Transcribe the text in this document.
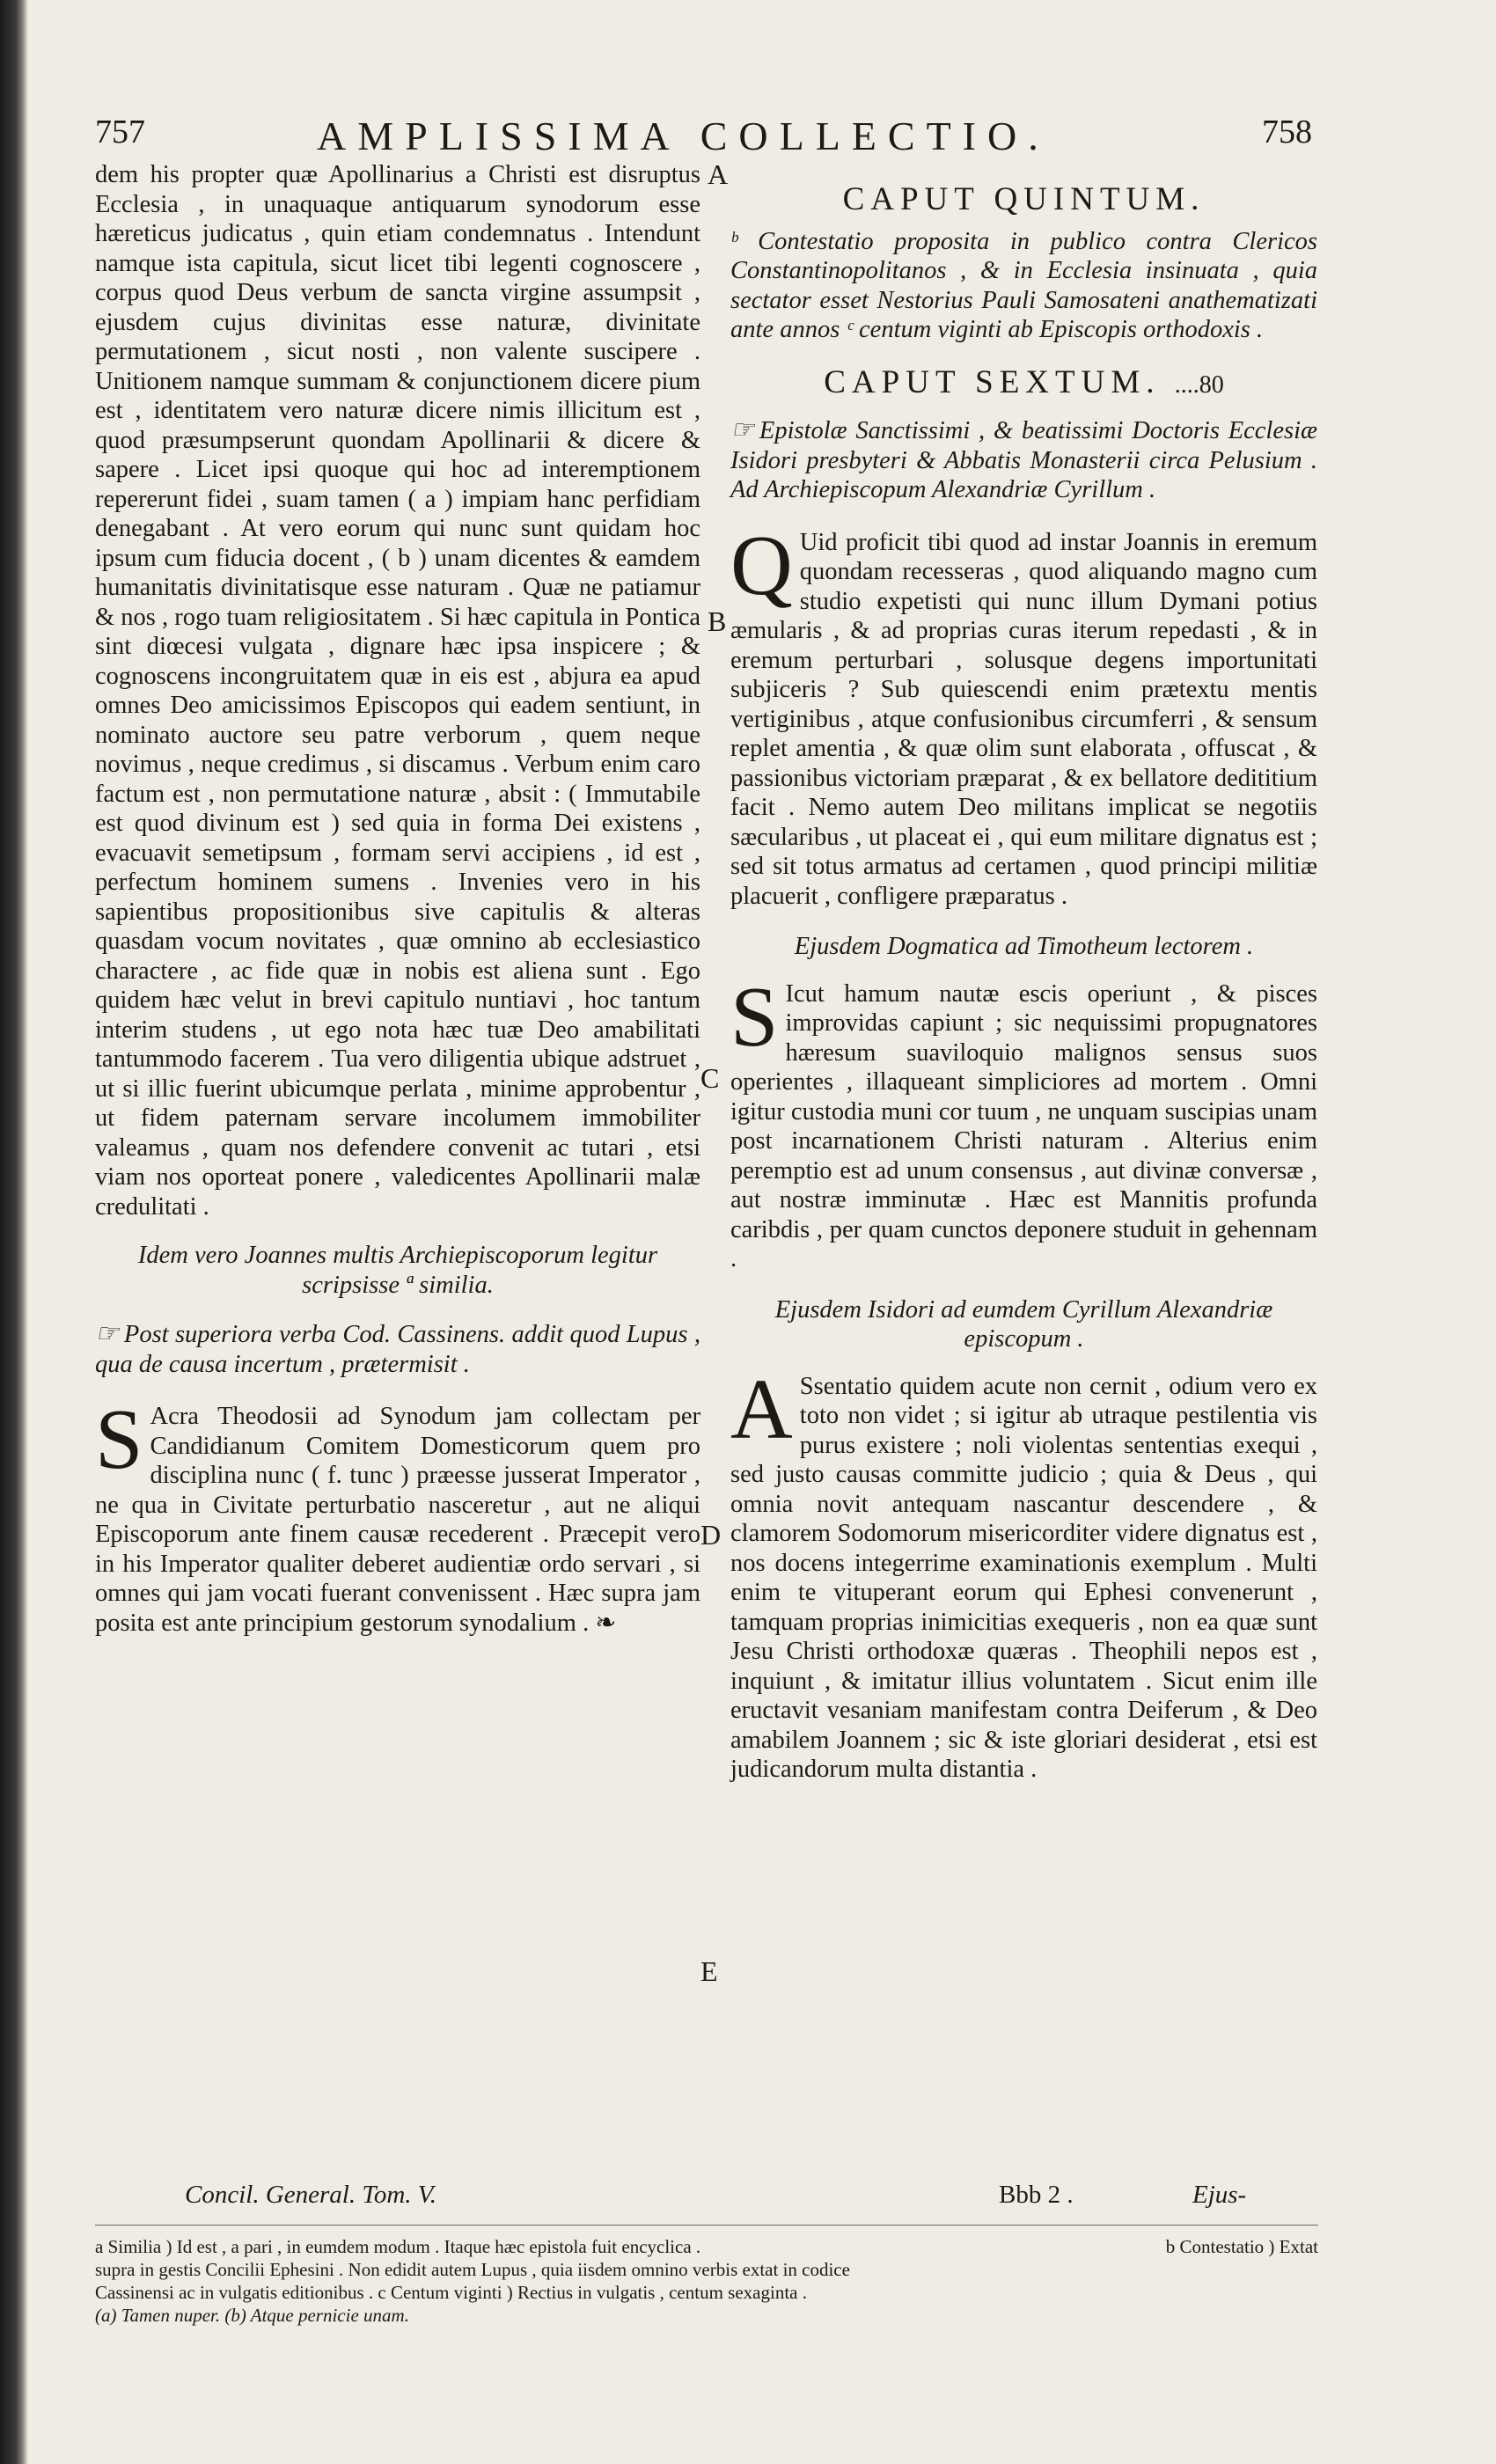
757	AMPLISSIMA COLLECTIO.	758

dem his propter quæ Apollinarius a Christi est disruptus Ecclesia , in unaquaque antiquarum synodorum esse hæreticus judicatus , quin etiam condemnatus . Intendunt namque ista capitula, sicut licet tibi legenti cognoscere , corpus quod Deus verbum de sancta virgine assumpsit , ejusdem cujus divinitas esse naturæ, divinitate permutationem , sicut nosti , non valente suscipere . Unitionem namque summam & conjunctionem dicere pium est , identitatem vero naturæ dicere nimis illicitum est , quod præsumpserunt quondam Apollinarii & dicere & sapere . Licet ipsi quoque qui hoc ad interemptionem repererunt fidei , suam tamen ( a ) impiam hanc perfidiam denegabant . At vero eorum qui nunc sunt quidam hoc ipsum cum fiducia docent , ( b ) unam dicentes & eamdem humanitatis divinitatisque esse naturam . Quæ ne patiamur & nos , rogo tuam religiositatem . Si hæc capitula in Pontica sint diœcesi vulgata , dignare hæc ipsa inspicere ; & cognoscens incongruitatem quæ in eis est , abjura ea apud omnes Deo amicissimos Episcopos qui eadem sentiunt, in nominato auctore seu patre verborum , quem neque novimus , neque credimus , si discamus . Verbum enim caro factum est , non permutatione naturæ , absit : ( Immutabile est quod divinum est ) sed quia in forma Dei existens , evacuavit semetipsum , formam servi accipiens , id est , perfectum hominem sumens . Invenies vero in his sapientibus propositionibus sive capitulis & alteras quasdam vocum novitates , quæ omnino ab ecclesiastico charactere , ac fide quæ in nobis est aliena sunt . Ego quidem hæc velut in brevi capitulo nuntiavi , hoc tantum interim studens , ut ego nota hæc tuæ Deo amabilitati tantummodo facerem . Tua vero diligentia ubique adstruet , ut si illic fuerint ubicumque perlata , minime approbentur , ut fidem paternam servare incolumem immobiliter valeamus , quam nos defendere convenit ac tutari , etsi viam nos oporteat ponere , valedicentes Apollinarii malæ credulitati .

Idem vero Joannes multis Archiepiscoporum legitur scripsisse ª similia.

☞ Post superiora verba Cod. Cassinens. addit quod Lupus , qua de causa incertum , prætermisit .

S Acra Theodosii ad Synodum jam collectam per Candidianum Comitem Domesticorum quem pro disciplina nunc ( f. tunc ) præesse jusserat Imperator , ne qua in Civitate perturbatio nasceretur , aut ne aliqui Episcoporum ante finem causæ recederent . Præcepit vero in his Imperator qualiter deberet audientiæ ordo servari , si omnes qui jam vocati fuerant convenissent . Hæc supra jam posita est ante principium gestorum synodalium . ❧

A
B
C
D
E

CAPUT QUINTUM.

ᵇ Contestatio proposita in publico contra Clericos Constantinopolitanos , & in Ecclesia insinuata , quia sectator esset Nestorius Pauli Samosateni anathematizati ante annos ᶜ centum viginti ab Episcopis orthodoxis .

CAPUT SEXTUM. ....80

☞ Epistolæ Sanctissimi , & beatissimi Doctoris Ecclesiæ Isidori presbyteri & Abbatis Monasterii circa Pelusium . Ad Archiepiscopum Alexandriæ Cyrillum .

Q Uid proficit tibi quod ad instar Joannis in eremum quondam recesseras , quod aliquando magno cum studio expetisti qui nunc illum Dymani potius æmularis , & ad proprias curas iterum repedasti , & in eremum perturbari , solusque degens importunitati subjiceris ? Sub quiescendi enim prætextu mentis vertiginibus , atque confusionibus circumferri , & sensum replet amentia , & quæ olim sunt elaborata , offuscat , & passionibus victoriam præparat , & ex bellatore dedititium facit . Nemo autem Deo militans implicat se negotiis sæcularibus , ut placeat ei , qui eum militare dignatus est ; sed sit totus armatus ad certamen , quod principi militiæ placuerit , confligere præparatus .

Ejusdem Dogmatica ad Timotheum lectorem .

S Icut hamum nautæ escis operiunt , & pisces improvidas capiunt ; sic nequissimi propugnatores hæresum suaviloquio malignos sensus suos operientes , illaqueant simpliciores ad mortem . Omni igitur custodia muni cor tuum , ne unquam suscipias unam post incarnationem Christi naturam . Alterius enim peremptio est ad unum consensus , aut divinæ conversæ , aut nostræ imminutæ . Hæc est Mannitis profunda caribdis , per quam cunctos deponere studuit in gehennam .

Ejusdem Isidori ad eumdem Cyrillum Alexandriæ episcopum .

A Ssentatio quidem acute non cernit , odium vero ex toto non videt ; si igitur ab utraque pestilentia vis purus existere ; noli violentas sententias exequi , sed justo causas committe judicio ; quia & Deus , qui omnia novit antequam nascantur descendere , & clamorem Sodomorum misericorditer videre dignatus est , nos docens integerrime examinationis exemplum . Multi enim te vituperant eorum qui Ephesi convenerunt , tamquam proprias inimicitias exequeris , non ea quæ sunt Jesu Christi orthodoxæ quæras . Theophili nepos est , inquiunt , & imitatur illius voluntatem . Sicut enim ille eructavit vesaniam manifestam contra Deiferum , & Deo amabilem Joannem ; sic & iste gloriari desiderat , etsi est judicandorum multa distantia .

Concil. General. Tom. V.	Bbb 2 .	Ejus-
a Similia ) Id est , a pari , in eumdem modum . Itaque hæc epistola fuit encyclica .	b Contestatio ) Extat
supra in gestis Concilii Ephesini . Non edidit autem Lupus , quia iisdem omnino verbis extat in codice
Cassinensi ac in vulgatis editionibus . c Centum viginti ) Rectius in vulgatis , centum sexaginta .
(a) Tamen nuper. (b) Atque pernicie unam.
